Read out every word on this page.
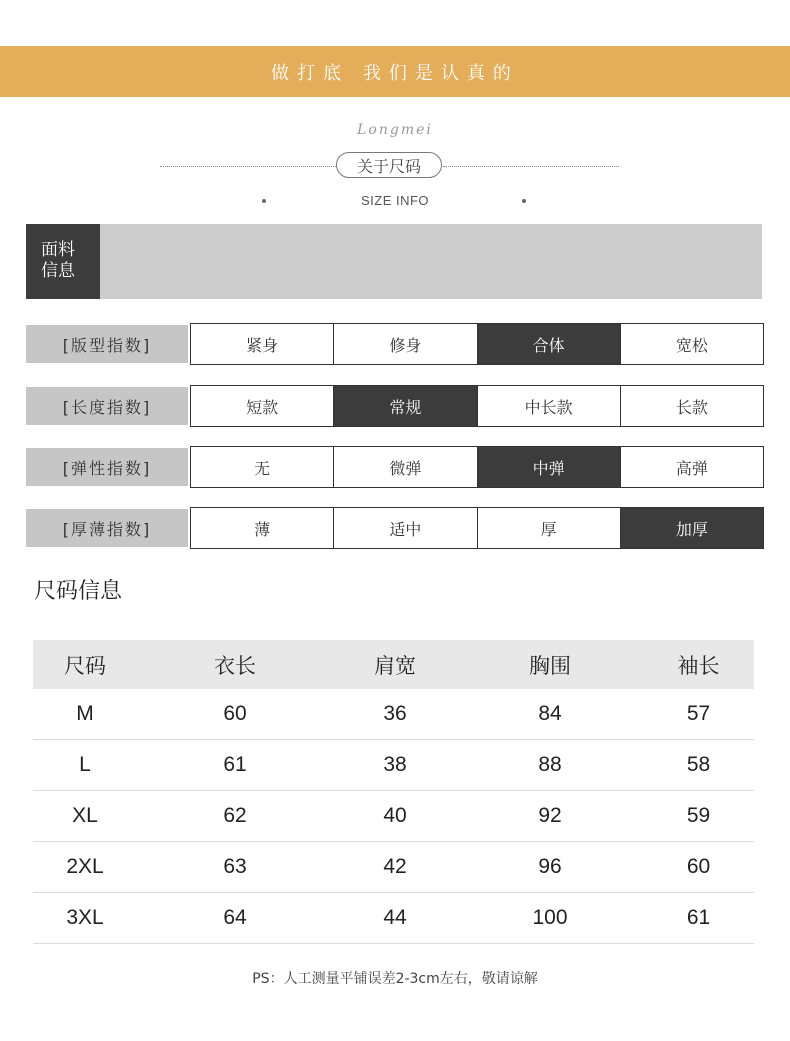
做打底 我们是认真的
Longmei
关于尺码
SIZE INFO
面料
信息
[版型指数]	紧身	修身	合体	宽松
[长度指数]	短款	常规	中长款	长款
[弹性指数]	无	微弹	中弹	高弹
[厚薄指数]	薄	适中	厚	加厚
尺码信息
尺码	衣长	肩宽	胸围	袖长
M	60	36	84	57
L	61	38	88	58
XL	62	40	92	59
2XL	63	42	96	60
3XL	64	44	100	61
PS：人工测量平铺误差2-3cm左右，敬请谅解
